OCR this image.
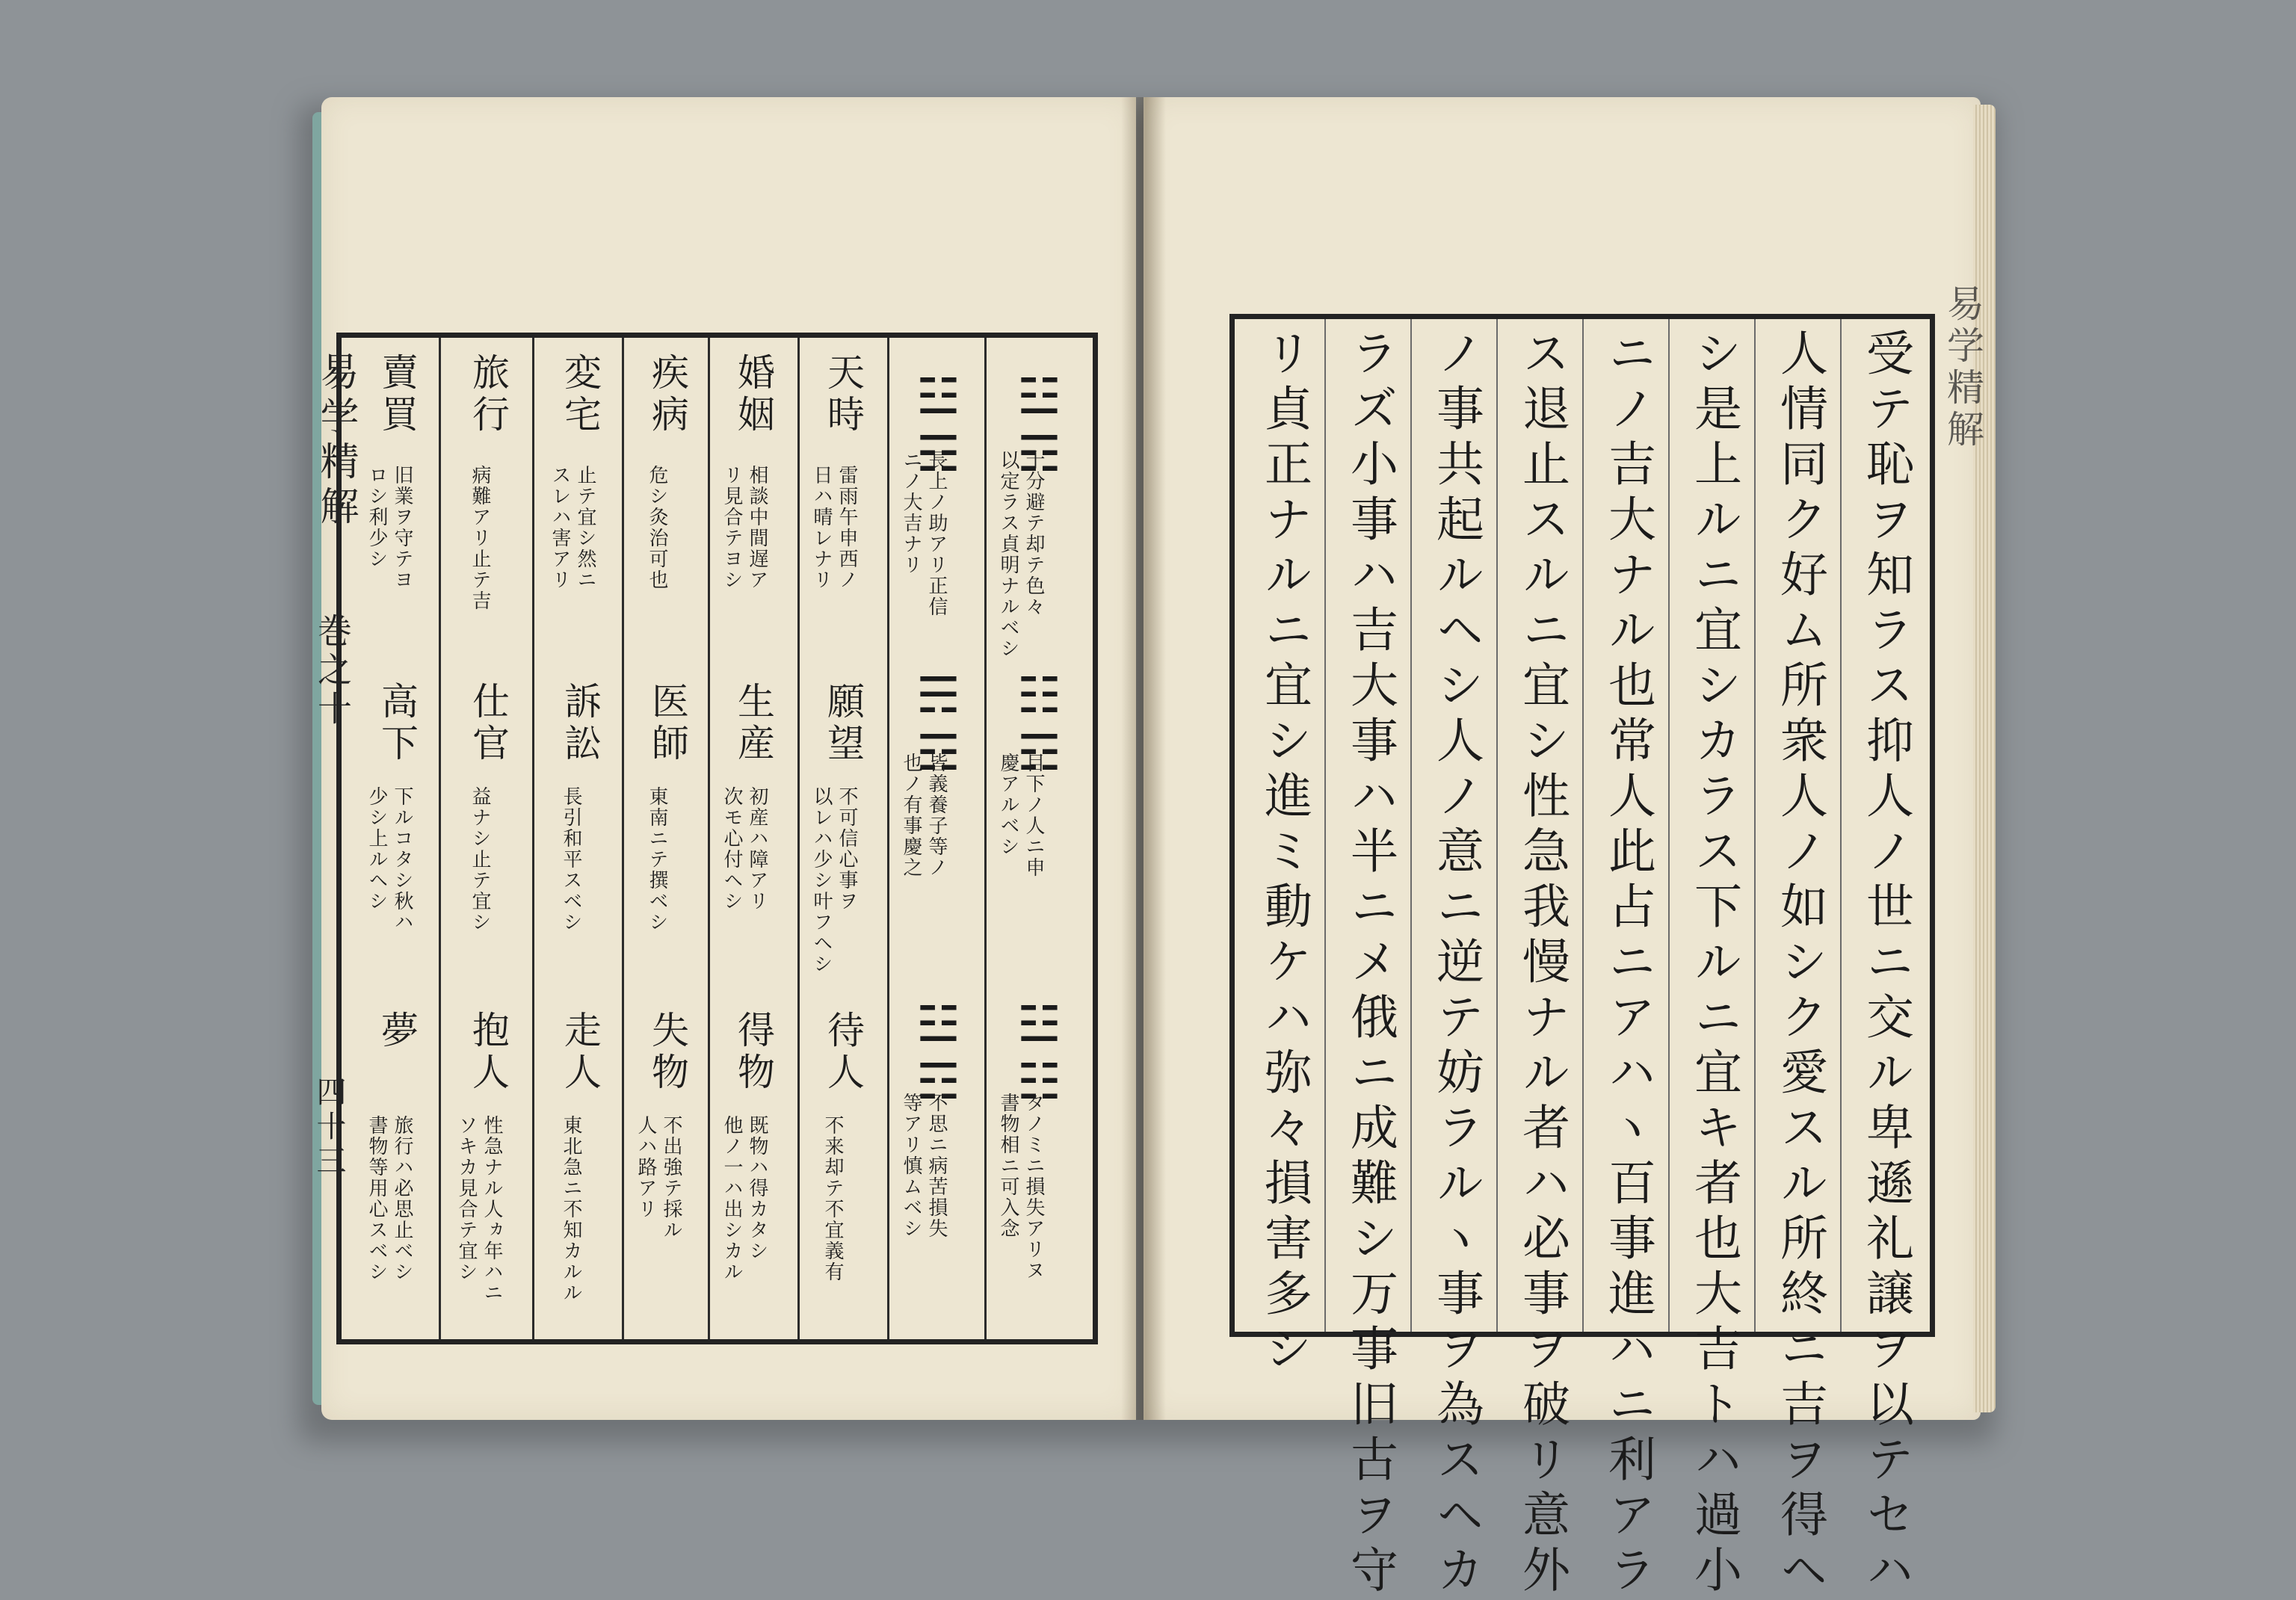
易学精解
巻之十
四十三
☳☶
十分避テ却テ色々
以定ラス貞明ナルベシ
☷☶
目下ノ人ニ申
慶アルベシ
☳☷
タノミニ損失アリヌ
書物相ニ可入念
☳☶
長上ノ助アリ正信
ニノ大吉ナリ
☴☶
皆義養子等ノ
也ノ有事慶之
☳☶
不思ニ病苦損失
等アリ慎ムベシ
天時
雷雨午申西ノ
日ハ晴レナリ
願望
不可信心事ヲ
以レハ少シ叶フヘシ
待人
不来却テ不宜義有
婚姻
相談中間遅ア
リ見合テヨシ
生産
初産ハ障アリ
次モ心付ヘシ
得物
既物ハ得カタシ
他ノ一ハ出シカル
疾病
危シ灸治可也
医師
東南ニテ撰ベシ
失物
不出強テ採ル
人ハ路アリ
変宅
止テ宜シ然ニ
スレハ害アリ
訴訟
長引和平スベシ
走人
東北急ニ不知カルル
旅行
病難アリ止テ吉
仕官
益ナシ止テ宜シ
抱人
性急ナル人ヵ年ハニ
ソキカ見合テ宜シ
賣買
旧業ヲ守テヨ
ロシ利少シ
高下
下ルコタシ秋ハ
少シ上ルヘシ
夢
旅行ハ必思止ベシ
書物等用心スベシ
易学精解
受テ恥ヲ知ラス抑人ノ世ニ交ル卑遜礼譲ヲ以テセハ
人情同ク好ム所衆人ノ如シク愛スル所終ニ吉ヲ得ヘ
シ是上ルニ宜シカラス下ルニ宜キ者也大吉トハ過小
ニノ吉大ナル也常人此占ニアハヽ百事進ハニ利アラ
ス退止スルニ宜シ性急我慢ナル者ハ必事ヲ破リ意外
ノ事共起ルヘシ人ノ意ニ逆テ妨ラルヽ事ヲ為スヘカ
ラズ小事ハ吉大事ハ半ニメ俄ニ成難シ万事旧古ヲ守
リ貞正ナルニ宜シ進ミ動ケハ弥々損害多シ
